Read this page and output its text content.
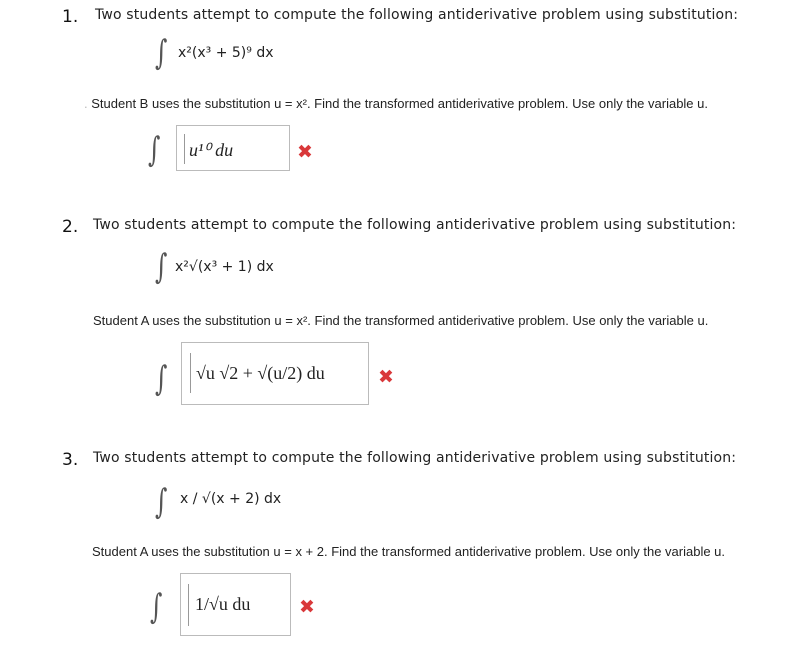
1. Two students attempt to compute the following antiderivative problem using substitution:
∫ x²(x³ + 5)⁹ dx
. Student B uses the substitution u = x². Find the transformed antiderivative problem. Use only the variable u.
∫ u¹⁰ du	✖
2. Two students attempt to compute the following antiderivative problem using substitution:
∫ x²√(x³ + 1) dx
Student A uses the substitution u = x². Find the transformed antiderivative problem. Use only the variable u.
∫ √u √2 + √(u/2) du	✖
3. Two students attempt to compute the following antiderivative problem using substitution:
∫ x / √(x + 2) dx
Student A uses the substitution u = x + 2. Find the transformed antiderivative problem. Use only the variable u.
∫ 1/√u du	✖
